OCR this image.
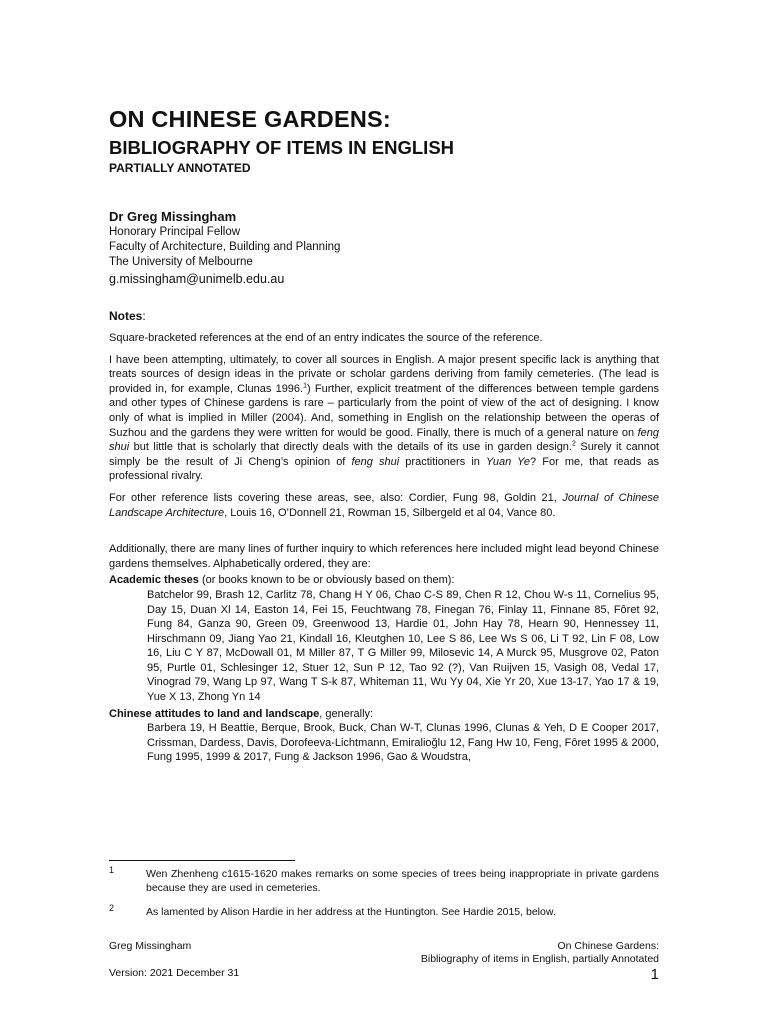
ON CHINESE GARDENS:
BIBLIOGRAPHY OF ITEMS IN ENGLISH
PARTIALLY ANNOTATED

Dr Greg Missingham

Honorary Principal Fellow

Faculty of Architecture, Building and Planning

The University of Melbourne

g.missingham@unimelb.edu.au

Notes:

Square-bracketed references at the end of an entry indicates the source of the reference.

I have been attempting, ultimately, to cover all sources in English. A major present specific lack is anything that treats sources of design ideas in the private or scholar gardens deriving from family cemeteries. (The lead is provided in, for example, Clunas 1996.$^1$) Further, explicit treatment of the differences between temple gardens and other types of Chinese gardens is rare – particularly from the point of view of the act of designing. I know only of what is implied in Miller (2004). And, something in English on the relationship between the operas of Suzhou and the gardens they were written for would be good. Finally, there is much of a general nature on feng shui but little that is scholarly that directly deals with the details of its use in garden design.$^2$ Surely it cannot simply be the result of Ji Cheng’s opinion of feng shui practitioners in Yuan Ye? For me, that reads as professional rivalry.

For other reference lists covering these areas, see, also: Cordier, Fung 98, Goldin 21, Journal of Chinese Landscape Architecture, Louis 16, O’Donnell 21, Rowman 15, Silbergeld et al 04, Vance 80.

Additionally, there are many lines of further inquiry to which references here included might lead beyond Chinese gardens themselves. Alphabetically ordered, they are:

Academic theses (or books known to be or obviously based on them):

Batchelor 99, Brash 12, Carlitz 78, Chang H Y 06, Chao C-S 89, Chen R 12, Chou W-s 11, Cornelius 95, Day 15, Duan Xl 14, Easton 14, Fei 15, Feuchtwang 78, Finegan 76, Finlay 11, Finnane 85, Fôret 92, Fung 84, Ganza 90, Green 09, Greenwood 13, Hardie 01, John Hay 78, Hearn 90, Hennessey 11, Hirschmann 09, Jiang Yao 21, Kindall 16, Kleutghen 10, Lee S 86, Lee Ws S 06, Li T 92, Lin F 08, Low 16, Liu C Y 87, McDowall 01, M Miller 87, T G Miller 99, Milosevic 14, A Murck 95, Musgrove 02, Paton 95, Purtle 01, Schlesinger 12, Stuer 12, Sun P 12, Tao 92 (?), Van Ruijven 15, Vasigh 08, Vedal 17, Vinograd 79, Wang Lp 97, Wang T S-k 87, Whiteman 11, Wu Yy 04, Xie Yr 20, Xue 13-17, Yao 17 & 19, Yue X 13, Zhong Yn 14

Chinese attitudes to land and landscape, generally:

Barbera 19, H Beattie, Berque, Brook, Buck, Chan W-T, Clunas 1996, Clunas & Yeh, D E Cooper 2017, Crissman, Dardess, Davis, Dorofeeva-Lichtmann, Emiralioğlu 12, Fang Hw 10, Feng, Fôret 1995 & 2000, Fung 1995, 1999 & 2017, Fung & Jackson 1996, Gao & Woudstra,

1	Wen Zhenheng c1615-1620 makes remarks on some species of trees being inappropriate in private gardens because they are used in cemeteries.
2	As lamented by Alison Hardie in her address at the Huntington. See Hardie 2015, below.
Greg Missingham
Version: 2021 December 31
On Chinese Gardens:
Bibliography of items in English, partially Annotated
1
